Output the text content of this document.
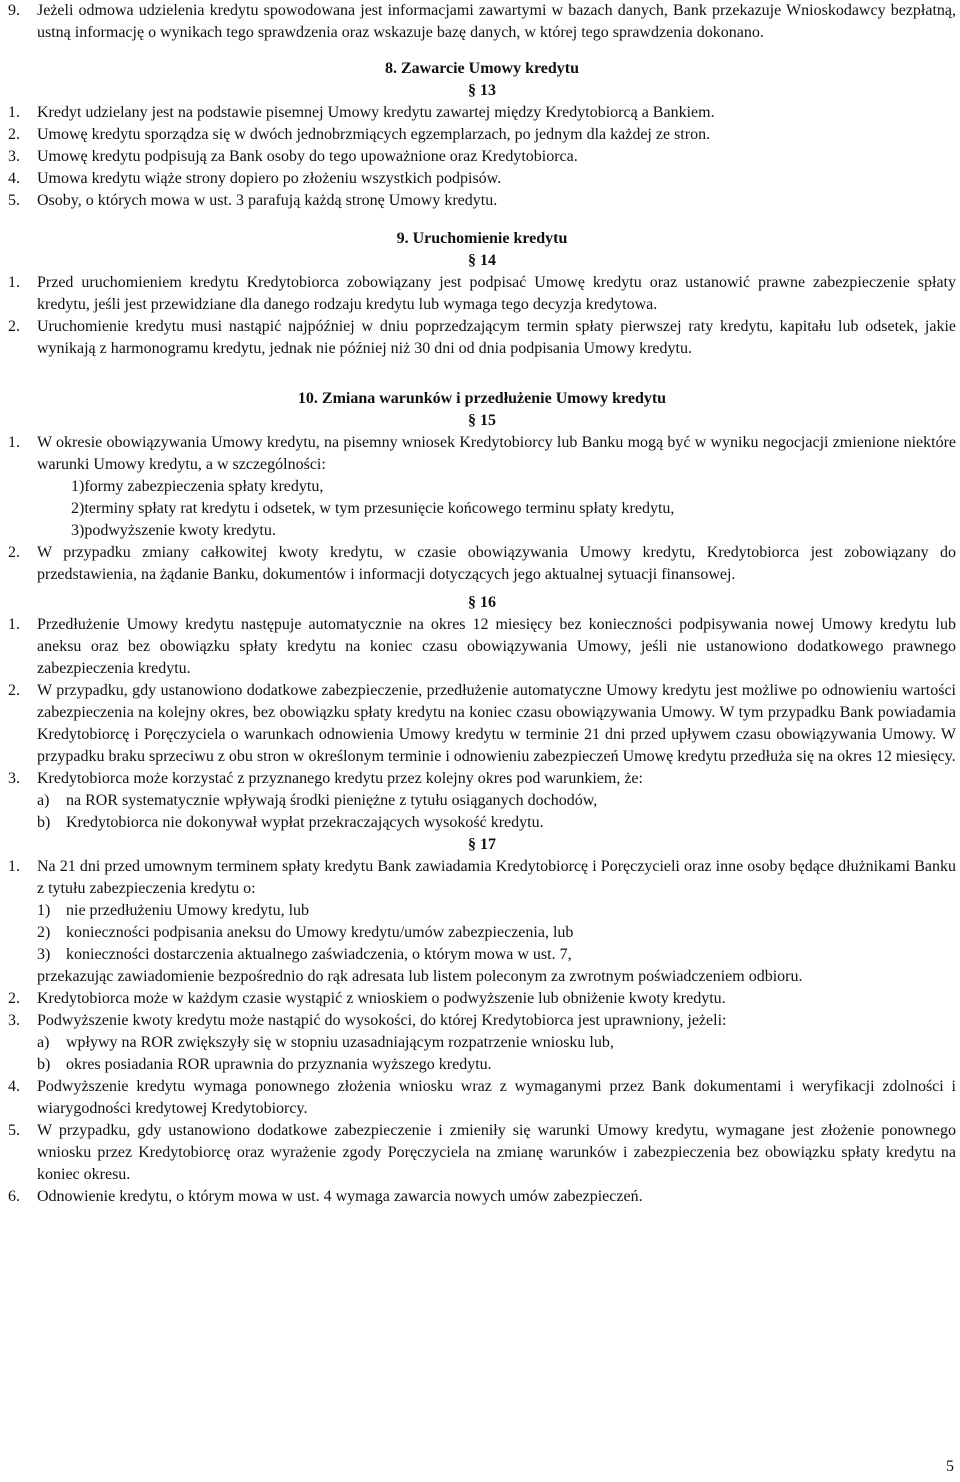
9. Jeżeli odmowa udzielenia kredytu spowodowana jest informacjami zawartymi w bazach danych, Bank przekazuje Wnioskodawcy bezpłatną, ustną informację o wynikach tego sprawdzenia oraz wskazuje bazę danych, w której tego sprawdzenia dokonano.
8. Zawarcie Umowy kredytu
§ 13
1. Kredyt udzielany jest na podstawie pisemnej Umowy kredytu zawartej między Kredytobiorcą a Bankiem.
2. Umowę kredytu sporządza się w dwóch jednobrzmiących egzemplarzach, po jednym dla każdej ze stron.
3. Umowę kredytu podpisują za Bank osoby do tego upoważnione oraz Kredytobiorca.
4. Umowa kredytu wiąże strony dopiero po złożeniu wszystkich podpisów.
5. Osoby, o których mowa w ust. 3 parafują każdą stronę Umowy kredytu.
9. Uruchomienie kredytu
§ 14
1. Przed uruchomieniem kredytu Kredytobiorca zobowiązany jest podpisać Umowę kredytu oraz ustanowić prawne zabezpieczenie spłaty kredytu, jeśli jest przewidziane dla danego rodzaju kredytu lub wymaga tego decyzja kredytowa.
2. Uruchomienie kredytu musi nastąpić najpóźniej w dniu poprzedzającym termin spłaty pierwszej raty kredytu, kapitału lub odsetek, jakie wynikają z harmonogramu kredytu, jednak nie później niż 30 dni od dnia podpisania Umowy kredytu.
10. Zmiana warunków i przedłużenie Umowy kredytu
§ 15
1. W okresie obowiązywania Umowy kredytu, na pisemny wniosek Kredytobiorcy lub Banku mogą być w wyniku negocjacji zmienione niektóre warunki Umowy kredytu, a w szczególności:
1)formy zabezpieczenia spłaty kredytu,
2)terminy spłaty rat kredytu i odsetek, w tym przesunięcie końcowego terminu spłaty kredytu,
3)podwyższenie kwoty kredytu.
2. W przypadku zmiany całkowitej kwoty kredytu, w czasie obowiązywania Umowy kredytu, Kredytobiorca jest zobowiązany do przedstawienia, na żądanie Banku, dokumentów i informacji dotyczących jego aktualnej sytuacji finansowej.
§ 16
1. Przedłużenie Umowy kredytu następuje automatycznie na okres 12 miesięcy bez konieczności podpisywania nowej Umowy kredytu lub aneksu oraz bez obowiązku spłaty kredytu na koniec czasu obowiązywania Umowy, jeśli nie ustanowiono dodatkowego prawnego zabezpieczenia kredytu.
2. W przypadku, gdy ustanowiono dodatkowe zabezpieczenie, przedłużenie automatyczne Umowy kredytu jest możliwe po odnowieniu wartości zabezpieczenia na kolejny okres, bez obowiązku spłaty kredytu na koniec czasu obowiązywania Umowy. W tym przypadku Bank powiadamia Kredytobiorcę i Poręczyciela o warunkach odnowienia Umowy kredytu w terminie 21 dni przed upływem czasu obowiązywania Umowy. W przypadku braku sprzeciwu z obu stron w określonym terminie i odnowieniu zabezpieczeń Umowę kredytu przedłuża się na okres 12 miesięcy.
3. Kredytobiorca może korzystać z przyznanego kredytu przez kolejny okres pod warunkiem, że:
a) na ROR systematycznie wpływają środki pieniężne z tytułu osiąganych dochodów,
b) Kredytobiorca nie dokonywał wypłat przekraczających wysokość kredytu.
§ 17
1. Na 21 dni przed umownym terminem spłaty kredytu Bank zawiadamia Kredytobiorcę i Poręczycieli oraz inne osoby będące dłużnikami Banku z tytułu zabezpieczenia kredytu o:
1) nie przedłużeniu Umowy kredytu, lub
2) konieczności podpisania aneksu do Umowy kredytu/umów zabezpieczenia, lub
3) konieczności dostarczenia aktualnego zaświadczenia, o którym mowa w ust. 7,
przekazując zawiadomienie bezpośrednio do rąk adresata lub listem poleconym za zwrotnym poświadczeniem odbioru.
2. Kredytobiorca może w każdym czasie wystąpić z wnioskiem o podwyższenie lub obniżenie kwoty kredytu.
3. Podwyższenie kwoty kredytu może nastąpić do wysokości, do której Kredytobiorca jest uprawniony, jeżeli:
a) wpływy na ROR zwiększyły się w stopniu uzasadniającym rozpatrzenie wniosku lub,
b) okres posiadania ROR uprawnia do przyznania wyższego kredytu.
4. Podwyższenie kredytu wymaga ponownego złożenia wniosku wraz z wymaganymi przez Bank dokumentami i weryfikacji zdolności i wiarygodności kredytowej Kredytobiorcy.
5. W przypadku, gdy ustanowiono dodatkowe zabezpieczenie i zmieniły się warunki Umowy kredytu, wymagane jest złożenie ponownego wniosku przez Kredytobiorcę oraz wyrażenie zgody Poręczyciela na zmianę warunków i zabezpieczenia bez obowiązku spłaty kredytu na koniec okresu.
6. Odnowienie kredytu, o którym mowa w ust. 4 wymaga zawarcia nowych umów zabezpieczeń.
5
